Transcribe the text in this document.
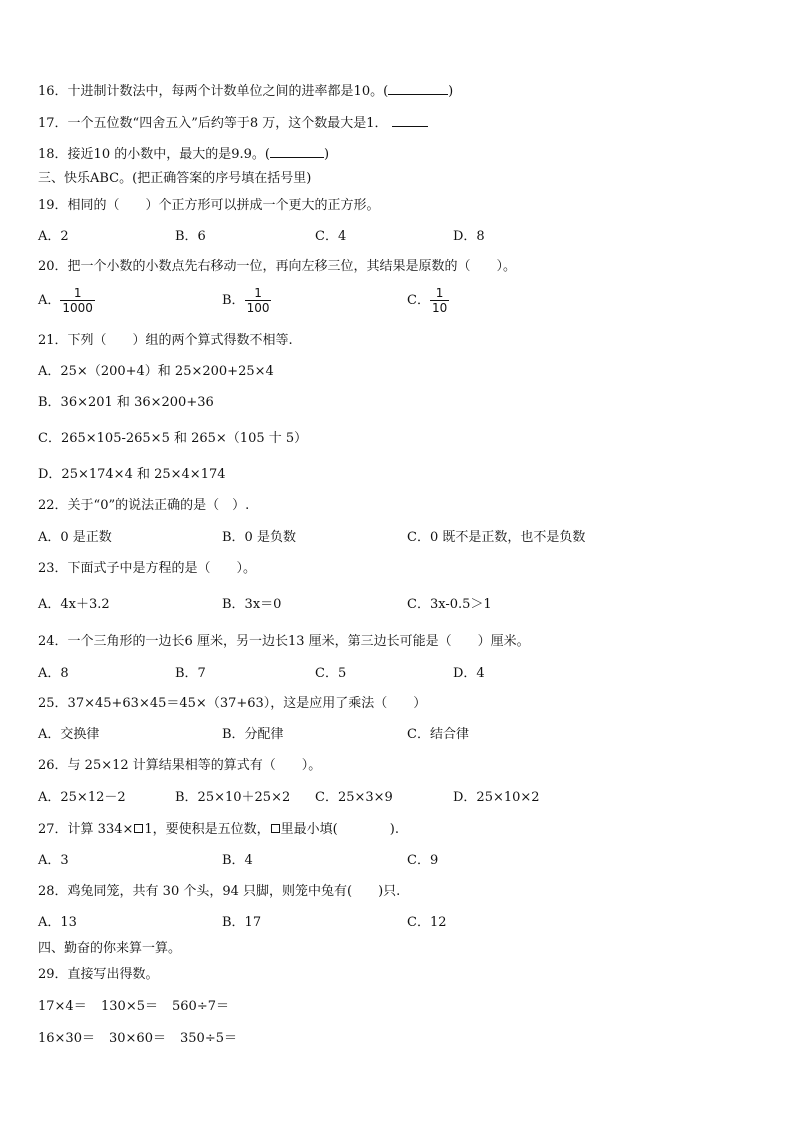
16．十进制计数法中，每两个计数单位之间的进率都是10。(	)
17．一个五位数“四舍五入”后约等于8 万，这个数最大是1．
18．接近10 的小数中，最大的是9.9。(	)
三、快乐ABC。(把正确答案的序号填在括号里)
19．相同的（　　）个正方形可以拼成一个更大的正方形。
A．2	B．6	C．4	D．8
20．把一个小数的小数点先右移动一位，再向左移三位，其结果是原数的（　　）。
A． $\frac{1}{1000}$	B． $\frac{1}{100}$	C． $\frac{1}{10}$
21．下列（　　）组的两个算式得数不相等.
A．25×（200+4）和 25×200+25×4
B．36×201 和 36×200+36
C．265×105-265×5 和 265×（105 十 5）
D．25×174×4 和 25×4×174
22．关于“0”的说法正确的是（　）.
A．0 是正数	B．0 是负数	C．0 既不是正数，也不是负数
23．下面式子中是方程的是（　　）。
A．4x＋3.2	B．3x＝0	C．3x-0.5＞1
24．一个三角形的一边长6 厘米，另一边长13 厘米，第三边长可能是（　　）厘米。
A．8	B．7	C．5	D．4
25．37×45+63×45＝45×（37+63），这是应用了乘法（　　）
A．交换律	B．分配律	C．结合律
26．与 25×12 计算结果相等的算式有（　　）。
A．25×12－2	B．25×10＋25×2 C．25×3×9	D．25×10×2
27．计算 334× 1，要使积是五位数， 里最小填(　　　　).
A．3	B．4	C．9
28．鸡兔同笼，共有 30 个头，94 只脚，则笼中兔有(　　)只.
A．13	B．17	C．12
四、勤奋的你来算一算。
29．直接写出得数。
17×4＝ 130×5＝ 560÷7＝
16×30＝ 30×60＝ 350÷5＝
